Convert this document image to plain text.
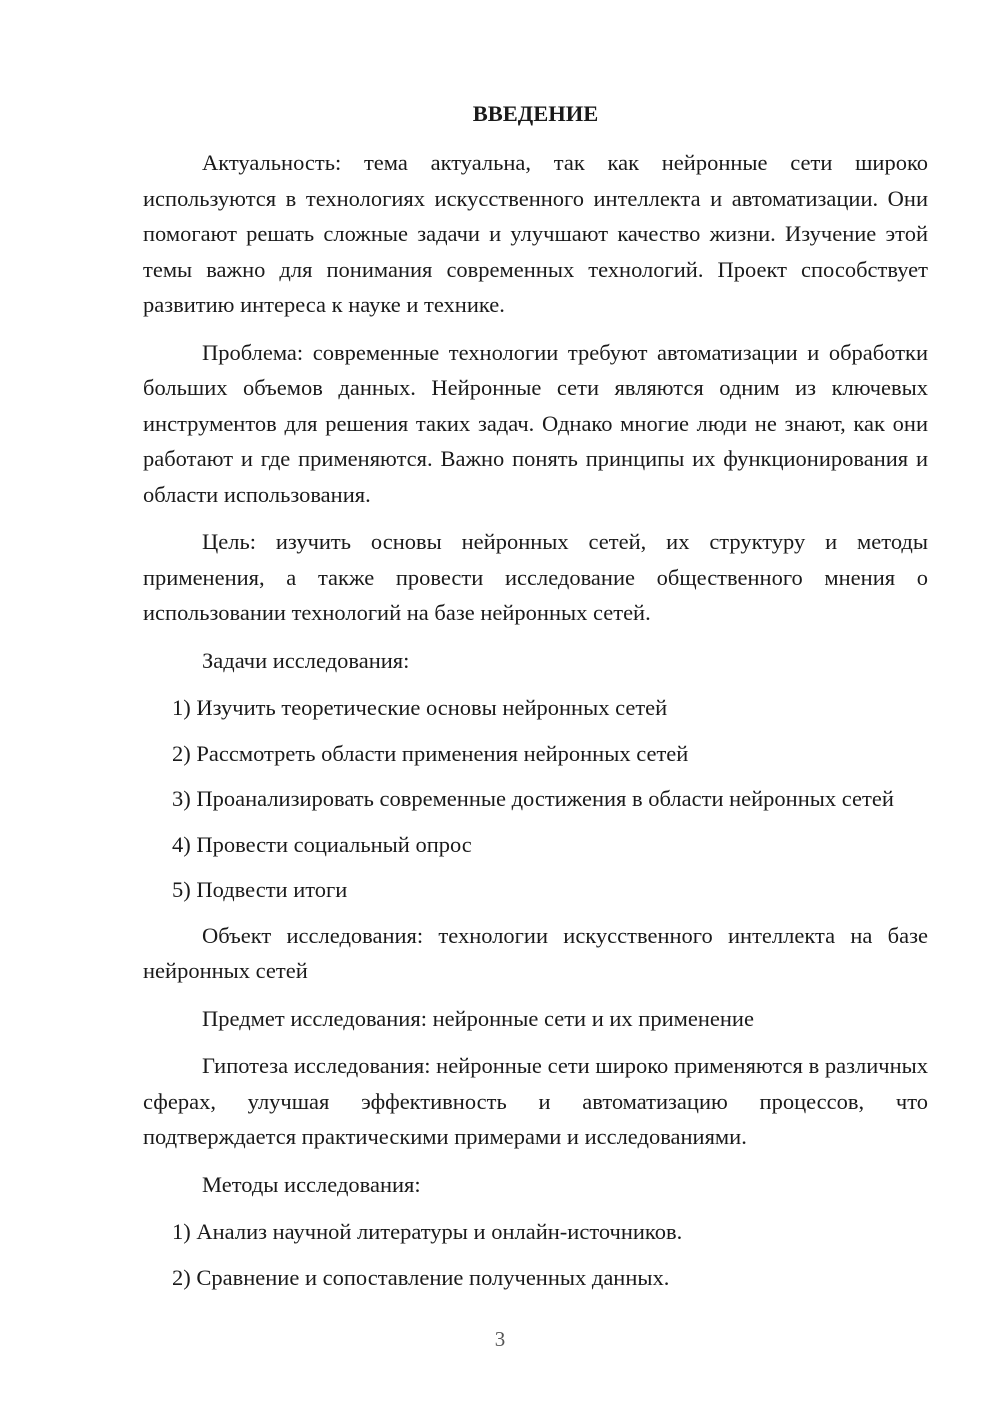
ВВЕДЕНИЕ
Актуальность: тема актуальна, так как нейронные сети широко используются в технологиях искусственного интеллекта и автоматизации. Они помогают решать сложные задачи и улучшают качество жизни. Изучение этой темы важно для понимания современных технологий. Проект способствует развитию интереса к науке и технике.
Проблема: современные технологии требуют автоматизации и обработки больших объемов данных. Нейронные сети являются одним из ключевых инструментов для решения таких задач. Однако многие люди не знают, как они работают и где применяются. Важно понять принципы их функционирования и области использования.
Цель: изучить основы нейронных сетей, их структуру и методы применения, а также провести исследование общественного мнения о использовании технологий на базе нейронных сетей.
Задачи исследования:
1) Изучить теоретические основы нейронных сетей
2) Рассмотреть области применения нейронных сетей
3) Проанализировать современные достижения в области нейронных сетей
4) Провести социальный опрос
5) Подвести итоги
Объект исследования: технологии искусственного интеллекта на базе нейронных сетей
Предмет исследования: нейронные сети и их применение
Гипотеза исследования: нейронные сети широко применяются в различных сферах, улучшая эффективность и автоматизацию процессов, что подтверждается практическими примерами и исследованиями.
Методы исследования:
1) Анализ научной литературы и онлайн-источников.
2) Сравнение и сопоставление полученных данных.
3
